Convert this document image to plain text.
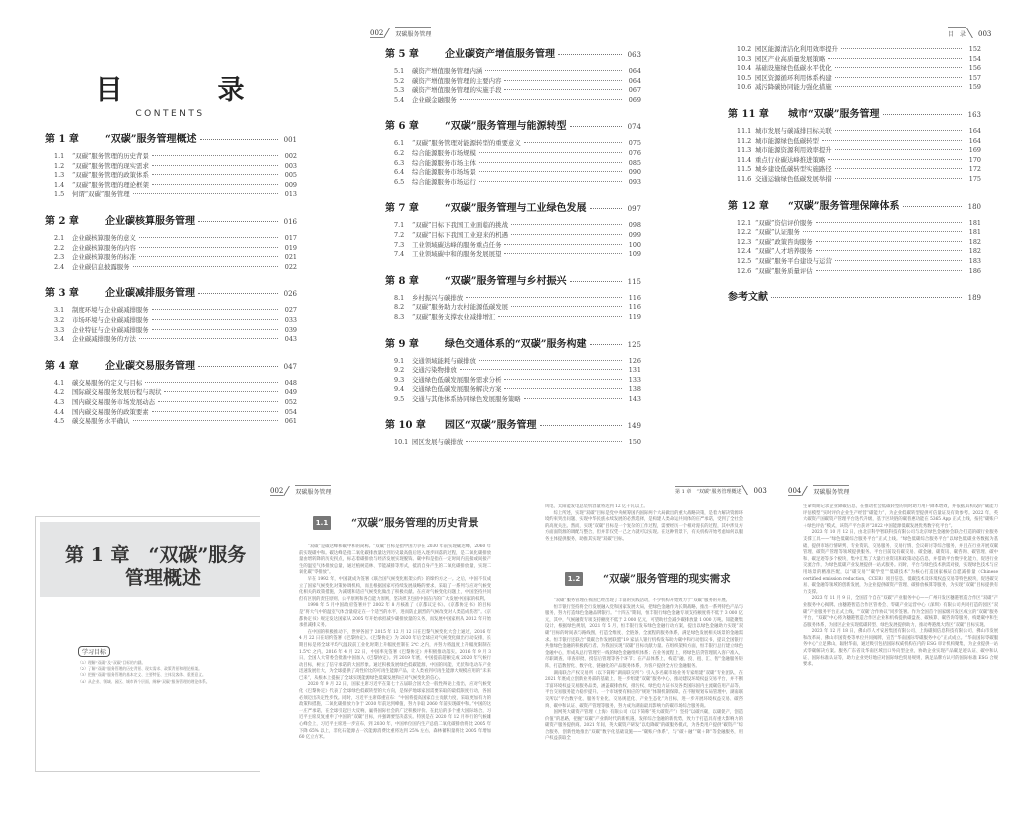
目　录
CONTENTS
第 1 章	“双碳”服务管理概述	001
1.1	“双碳”服务管理的历史背景	002
1.2	“双碳”服务管理的现实需求	003
1.3	“双碳”服务管理的政策体系	005
1.4	“双碳”服务管理的理论框架	009
1.5	何谓“双碳”服务管理	013
第 2 章	企业碳核算服务管理	016
2.1	企业碳核算服务的意义	017
2.2	企业碳核算服务的内容	019
2.3	企业碳核算服务的标准	021
2.4	企业碳信息披露服务	022
第 3 章	企业碳减排服务管理	026
3.1	制度环境与企业碳减排服务	027
3.2	市场环境与企业碳减排服务	033
3.3	企业特征与企业碳减排服务	039
3.4	企业碳减排服务的方法	043
第 4 章	企业碳交易服务管理	047
4.1	碳交易服务的定义与目标	048
4.2	国际碳交易服务发展历程与现状	049
4.3	国内碳交易服务市场发展动态	052
4.4	国内碳交易服务的政策要素	054
4.5	碳交易服务水平确认	061
002 双碳服务管理
第 5 章	企业碳资产增值服务管理	063
5.1	碳资产增值服务管理内涵	064
5.2	碳资产增值服务管理的主要内容	064
5.3	碳资产增值服务管理的实施手段	067
5.4	企业碳金融服务	069
第 6 章	“双碳”服务管理与能源转型	074
6.1	“双碳”服务管理对能源转型的重要意义	075
6.2	综合能源服务市场规模	076
6.3	综合能源服务市场主体	085
6.4	综合能源服务市场场景	090
6.5	综合能源服务市场运行	093
第 7 章	“双碳”服务管理与工业绿色发展	097
7.1	“双碳”目标下我国工业面临的挑战	098
7.2	“双碳”目标下我国工业迎来的机遇	099
7.3	工业领域碳达峰的服务重点任务	100
7.4	工业领域碳中和的服务发展展望	109
第 8 章	“双碳”服务管理与乡村振兴	115
8.1	乡村振兴与碳排放	116
8.2	“双碳”服务助力农村能源低碳发展	116
8.3	“双碳”服务支撑农业减排增汇	119
第 9 章	绿色交通体系的“双碳”服务构建	125
9.1	交通领域能耗与碳排放	126
9.2	交通污染物排放	131
9.3	交通绿色低碳发展服务需求分析	133
9.4	交通绿色低碳发展服务解决方案	138
9.5	交通与其他体系协同绿色发展服务策略	143
第 10 章	园区“双碳”服务管理	149
10.1 园区发展与碳排放	150
目　录 003
10.2 园区能源清洁化利用效率提升	152
10.3 园区产业高质量发展策略	154
10.4 基础设施绿色低碳水平优化	156
10.5 园区资源循环利用体系构建	157
10.6 减污降碳协同能力强化措施	159
第 11 章	城市“双碳”服务管理	163
11.1 城市发展与碳减排目标关联	164
11.2 城市能源绿色低碳转型	164
11.3 城市能源资源利用效率提升	169
11.4 重点行业碳达峰推进策略	170
11.5 城乡建设低碳转型实施路径	172
11.6 交通运输绿色低碳发展举措	175
第 12 章	“双碳”服务管理保障体系	180
12.1 “双碳”资信评价服务	181
12.2 “双碳”认证服务	181
12.3 “双碳”政策咨询服务	182
12.4 “双碳”人才培养服务	182
12.5 “双碳”服务平台建设与运营	183
12.6 “双碳”服务质量评估	186
参考文献	189
第 1 章　“双碳”服务
管理概述
学习目标
（1）理解“双碳”及“双碳”目标的内涵。
（2）了解“双碳”服务管理的历史背景、现实需求、政策背景和理论框架。
（3）把握“双碳”服务管理的基本定义、主要特征、主体及客体、重要意义。
（4）从企业、领域、园区、城市四个层面，阐释“双碳”服务管理的理论体系。
002 双碳服务管理
1.1 “双碳”服务管理的历史背景

“双碳”是碳达峰和碳中和的简称。“双碳”目标是指中国力争在 2030 年前实现碳达峰，2060 年前实现碳中和。碳达峰是指二氧化碳排放量达到历史最高值后进入逐步回落的过程，是二氧化碳排放量由增转降的历史拐点，标志着碳排放与经济发展实现脱钩。碳中和是指在一定时间内直接或间接产生的温室气体排放总量，通过植树造林、节能减排等形式，抵消自身产生的二氧化碳排放量，实现二氧化碳“零排放”。

早在 1992 年，中国就成为签署《联合国气候变化框架公约》的缔约方之一。之后，中国不仅成立了国家气候变化对策协调机构，而且根据国家可持续发展战略的要求，采取了一系列与应对气候变化相关的政策措施，为减缓和适应气候变化做出了积极贡献。在应对气候变化问题上，中国坚持共同但有区别的责任原则、公平原则和各自能力原则，坚决捍卫包括中国在内的广大发展中国家的权利。

1998 年 5 月中国政府签署并于 2002 年 8 月核准了《京都议定书》。《京都协定书》的目标是“将大气中的温室气体含量稳定在一个适当的水平，进而防止剧烈的气候改变对人类造成伤害”。《京都协定书》规定发达国家从 2005 年开始承担减少碳排放量的义务，而发展中国家则从 2012 年开始承担减排义务。

在中国的积极推动下，世界各国于 2015 年 12 月 12 日在巴黎气候变化大会上通过，2016 年 4 月 22 日在纽约签署《巴黎协定》。《巴黎协定》为 2020 年后全球应对气候变化做出行动安排，长期目标是将全球平均气温较前工业化时期上升幅度控制在 2℃ 之内，并努力将温度上升幅度限制在 1.5℃ 之内。2016 年 4 月 22 日，中国率先签署《巴黎协定》并积极推动落实。2016 年 9 月 3 日，全国人大常委会批准中国加入《巴黎协定》。到 2019 年底，中国提前超额完成 2020 年气候行动目标，树立了信守承诺的大国形象。通过积极发展绿色低碳能源，中国的风能、光伏和电动车产业迅速发展壮大，为全球提供了高性价比的可再生能源产品，让人类看到可再生能源大规模应用的“未来已来”，从根本上提振了全球实现能源绿色低碳发展和应对气候变化的信心。

2020 年 9 月 22 日，国家主席习近平在第七十五届联合国大会一般性辩论上指出，应对气候变化《巴黎协定》代表了全球绿色低碳转型的大方向，是保护地球家园需要采取的最低限度行动，各国必须迈出决定性步伐。同时，习近平主席郑重宣布：“中国将提高国家自主贡献力度，采取更加有力的政策和措施，二氧化碳排放力争于 2030 年前达到峰值，努力争取 2060 年前实现碳中和。”中国的这一庄严承诺，在全球引起巨大反响，赢得国际社会的广泛积极评价。在此后的多个重大国际场合，习近平主席反复重申了中国的“双碳”目标，并强调要坚决落实。特别是在 2020 年 12 月举行的气候雄心峰会上，习近平主席进一步宣布，到 2030 年，中国单位国内生产总值二氧化碳排放将比 2005 年下降 65% 以上，非化石能源占一次能源消费比重将达到 25% 左右，森林蓄积量将比 2005 年增加 60 亿立方米。

第 1 章　“双碳”服务管理概述 003

风电、太阳能发电总装机容量将达到 12 亿千瓦以上。

综上所述，实现“双碳”目标是党中央统筹国内国际两个大局做出的重大战略决策，是着力解决资源环境约束突出问题、实现中华民族永续发展的必然选择，是构建人类命运共同体的庄严承诺，受到了全社会的高度关注。然而，实现“双碳”目标是一个复杂的工作过程，需要经历一个相对漫长的过程，其中涉及方方面面资源的调配与整合，但并非仅凭一己之力就可以实现。在这种背景下，有关机构开始考虑如何以服务主体提供服务，助推其实现“双碳”目标。

1.2 “双碳”服务管理的现实需求

“双碳”服务管理在我国已经出现了丰富的实践活动，不少机构开始致力于“双碳”服务的开展。

恒丰银行坚持将全行发展融入党和国家发展大局，把绿色金融作为长期战略，推出一系列特色产品与服务，努力打造绿色金融品牌银行。“十四五”期间，恒丰银行绿色金融专项支持额度将不低于 3 000 亿元，其中，气候融资专项支持额度不低于 2 000 亿元，可望助社会减少碳排放量 1 000 万吨。知能聚集设计，根据绿色规划，2021 年 5 月，恒丰银行发布绿色金融行动方案，提出以绿色金融助力实现“双碳”目标的时间表与路线图，打造全维度、全链条、全流程的服务体系，满足绿色发展相关场景的金融需求。恒丰银行还联合“低碳合作发展联盟”19 家法人银行机构发布助力碳中和行动倡议书，提议全国银行共推绿色金融的积极践行者。为我国实现“双碳”目标贡献力量。在组织架构方面，恒丰银行总行建立绿色金融中心，形成从总行管理至一线的绿色金融组织体系；在业务流程上，将绿色信贷管理嵌入客户准入、尽职调查、审查审批、授信后管理等各个环节；在产品体系上，构造“融、投、租、汇、智”金融服务矩阵，打造数智化、数字化、链融化的产品服务体系，为客户提供全方位金融服务。

湖南联合产权交易所（以下简称“湖南联交所”）引入多名碳市场业务专家组建“双碳”专业团队，在 2021 年底成立创新业务部的基础上，进一步组建“双碳”服务中心，推动建设环境权益交易平台，并不断丰富环境权益交易服务品类，涵盖碳排放权、排污权、绿色电力证书及各类国际国内主流碳信用产品等，平台交易服务能力稳步提升。一个市场要有相应的“规矩”体制机制保障。在不断规划布局管理中，湖南联交所以“平台数字化、服务专业化、交易规范化、产业生态化”为目标，进一步开展环境权益交易、碳咨询、碳中和认证、碳资产管理等服务，努力成为湖南最具影响力的碳市场综合服务商。

国网英大碳资产管理（上海）有限公司（以下简称“英大碳资产”）坚持“以碳兴碳，以碳促产，创造价值”的思路，把握“双碳”产业新时代的新机遇，发挥综合金融的新优势，致力于打造具有重大影响力的碳资产服务提供商。2021 年间，英大碳资产研发“以电降碳”的碳服务模式，为各类用户提供“碳资产”综合服务，创新性地推出“双碳”数字化基础设施——“碳账户体系”，与“碳＋融”“碳＋降”等金融服务，用户权益获取全

004 双碳服务管理

生命周期记录企业降碳信息，在推动社会低碳转型的同时助力用户降本增效，并依据其构设的“碳能力评估模型”实时评价企业生产经营“碳能力”，为企业低碳转型提供可信量证及有效参考。2022 年，英大碳资产国碳资产管理平台迭代升级，基于区块链的碳普惠功能在 5365 App 正式上线，按托“碳账户＋绿色评估”模式，该资产平台获评“2022 中国能源低碳发展优秀数字化平台”。

2023 年 10 月 12 日，由北京科学智联科技有限公司与北京绿色金融协会联合打造的碳行业服务支撑工具——“绿色低碳综合服务平台”正式上线。“绿色低碳综合服务平台”以绿色低碳业务数据为基础，提供市场行情研判、专业资讯、交易服务、交易行情、会议研讨等综合服务，并且在行业开展双碳管理、碳资产管理等领域提供服务。平台目前设有碳交易、碳金融、碳资讯、碳咨询、碳管理、碳中和、碳足迹等多个板块，集中汇集了大量行业资讯和政策动态信息，并借助平台数字化能力，促进行业交流合作，为绿色低碳产业发展提供一站式服务。同时，平台与绿色技术供需对接，实现绿色技术与应用场景的精准匹配，以“碳交易”“碳学堂”“低碳技术”为核心打造国家核证自愿减排量（Chinese certified emission reduction，CCER）项目信息、低碳技术及环境权益交易等特色板块，促进碳交易、碳金融等领域的创新发展，为企业提供碳资产管理、碳排放核算等服务，为实现“双碳”目标提供有力支撑。

2023 年 11 月 9 日，全国首个自在“双碳”产业服务中心——广州开发区穗港智造合作区“双碳”产业服务中心揭牌。由穗港智造合作区管委会、零碳产业运营中心（深圳）有限公司共同打造的园区“双碳”产业服务平台正式上线，“‘双碳’合作协议”同步签署。作为全国首个国家级开发区成立的“双碳”服务平台，“双碳”中心将为穗港智造合作区企业和机构提供碳盘查、碳核算、碳咨询等服务，构建碳中和生态服务体系，为园区企业实现低碳转型、绿色发展提供助力，推动粤港澳大湾区“双碳”目标实现。

2023 年 12 月 18 日，佛山市人才安居集团有限公司、上海碳阅信息科技有限公司、佛山市发展和改革局、佛山市国资委等单位共同揭牌，宣告“华南国际零碳服务中心”正式成立。“华南国际零碳服务中心”立足佛山，辐射华南，通过吸引包括国际权威机构在内的 ESG 审计机构聚集，为企业提供一站式零碳解决方案。服务广东省及华南区域出口外向型企业，协助企业实现产品碳足迹认证、碳中和认证、国际标准认证等，助力企业更好地应对国际绿色贸易规则，满足品牌方认可的国际标准 ESG 合规要求。
